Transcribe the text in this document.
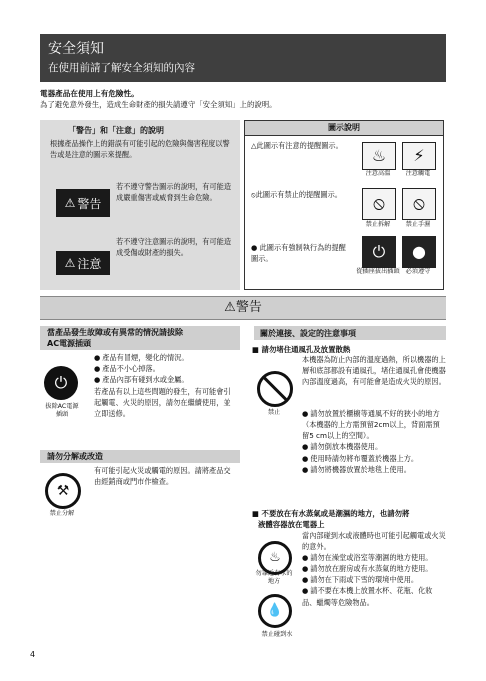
安全須知
在使用前請了解安全須知的內容
電器產品在使用上有危險性。
為了避免意外發生，造成生命財產的損失請遵守「安全須知」上的說明。
「警告」和「注意」的說明
根據產品操作上的錯誤有可能引起的危險與傷害程度以警告或是注意的圖示來提醒。
⚠ 警告
若不遵守警告圖示的說明，有可能造成嚴重傷害或威脅到生命危險。
⚠ 注意
若不遵守注意圖示的說明，有可能造成受傷或財產的損失。
圖示說明
△此圖示有注意的提醒圖示。
♨	⚡
注意高溫	注意觸電
⦸此圖示有禁止的提醒圖示。	⦸	⦸
禁止拆解	禁止手濕
● 此圖示有強制執行為的提醒圖示。	⏻	●
從插座拔出插頭 必須遵守
⚠警告
當產品發生故障或有異常的情況請拔除
AC電源插頭
⏻
拔除AC電源插頭
● 產品有冒煙，變化的情況。
● 產品不小心掉落。
● 產品內部有碰到水或金屬。
若產品有以上這些問題的發生，有可能會引起觸電、火災的原因，請勿在繼續使用，並立即送修。
請勿分解或改造
有可能引起火災或觸電的原因。請將產品交由經銷商或門市作檢查。
⚒
禁止分解
關於連接、設定的注意事項
■ 請勿堵住通風孔及放置散熱
禁止
本機器為防止內部的溫度過熱，所以機器的上層和底部都設有通風孔，堵住通風孔會使機器內部溫度過高，有可能會是造成火災的原因。
● 請勿放置於櫃櫥等通風不好的狹小的地方（本機器的上方需預留2cm以上，背面需預留5 cm以上的空間）。
● 請勿倒放本機器使用。
● 使用時請勿將布覆蓋於機器上方。
● 請勿將機器放置於地毯上使用。
■ 不要放在有水蒸氣或是潮濕的地方，也請勿將
液體容器放在電器上
當內部碰到水或液體時也可能引起觸電或火災的意外。
♨
勿靠近有水的地方
💧
禁止碰到水
● 請勿在澡堂或浴室等潮濕的地方使用。
● 請勿放在廚房或有水蒸氣的地方使用。
● 請勿在下雨或下雪的環境中使用。
● 請不要在本機上放置水杯、花瓶、化妝品、蠟燭等危險物品。
4
